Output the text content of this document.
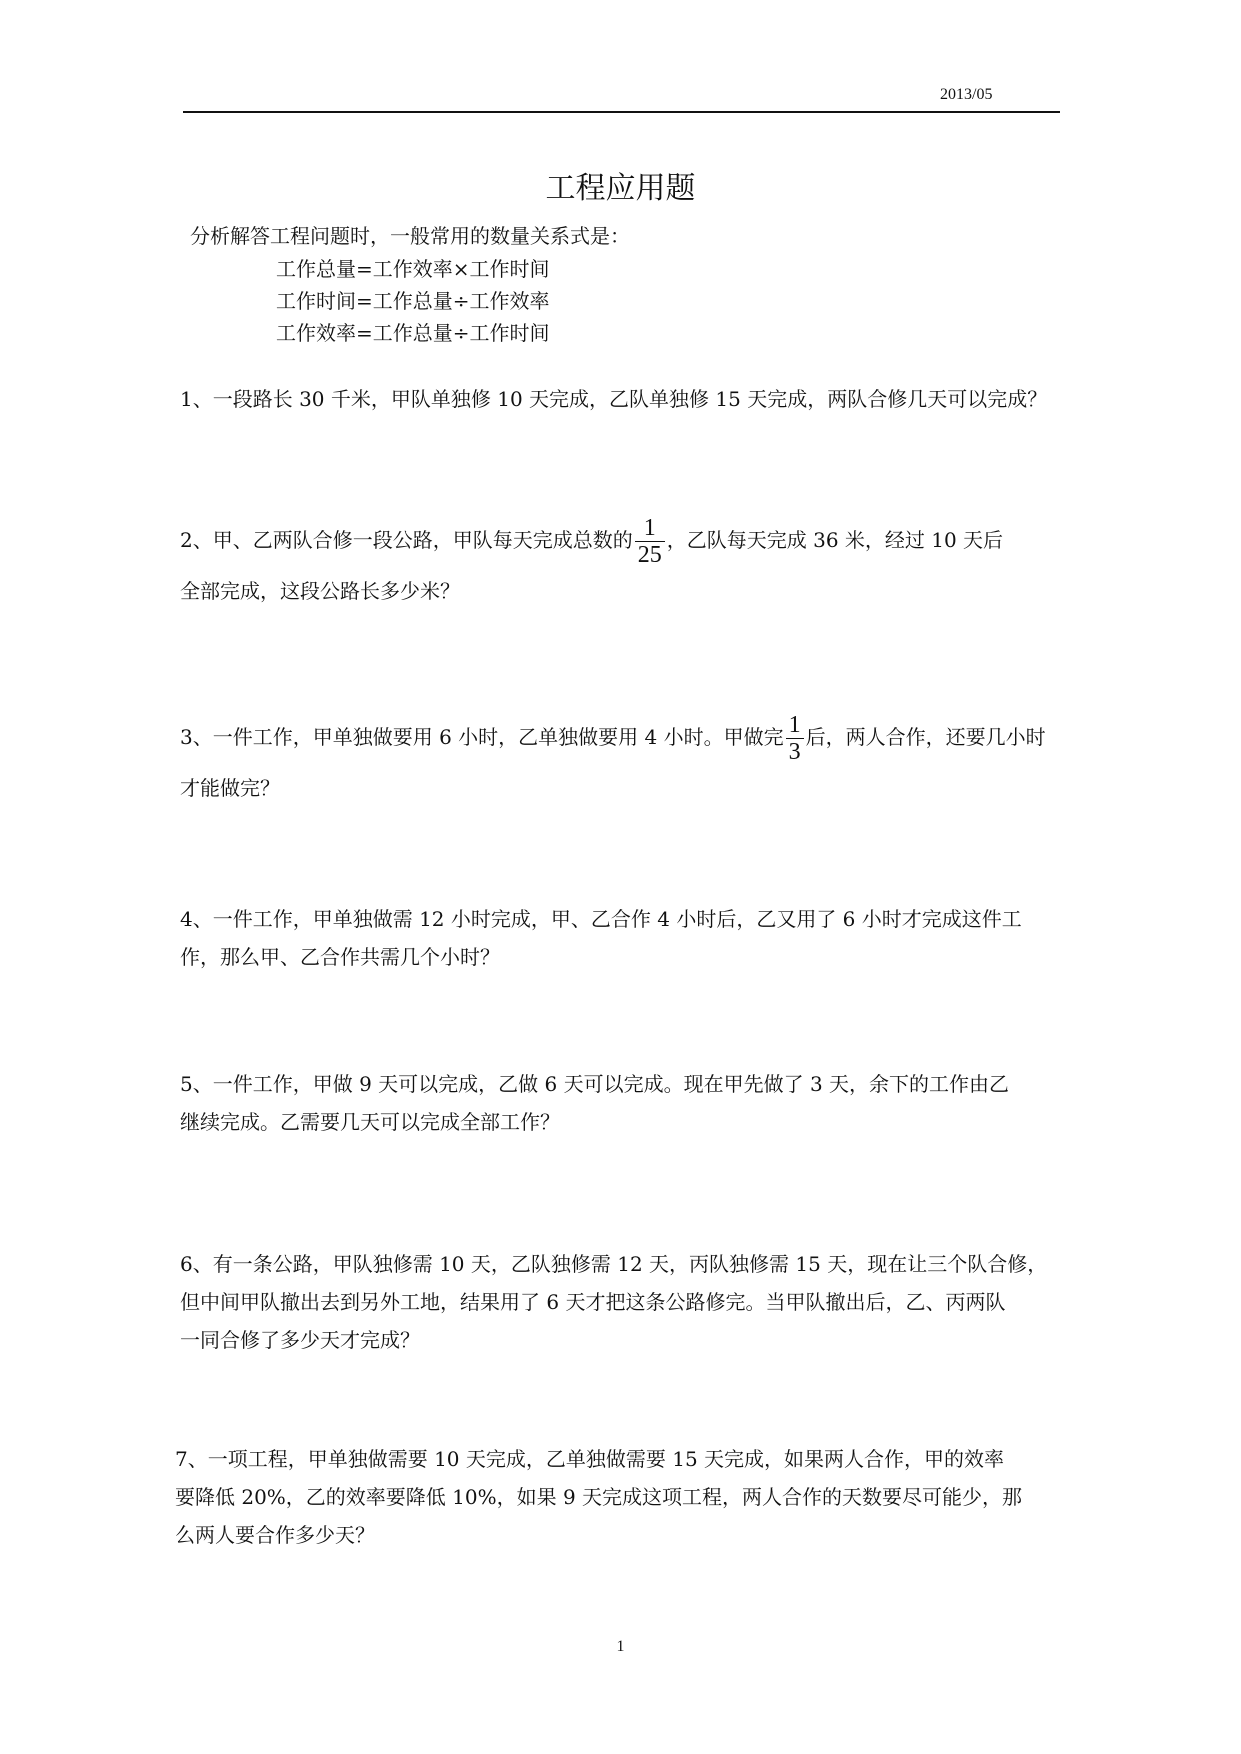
2013/05
工程应用题
分析解答工程问题时，一般常用的数量关系式是：
工作总量=工作效率×工作时间
工作时间=工作总量÷工作效率
工作效率=工作总量÷工作时间
1、一段路长 30 千米，甲队单独修 10 天完成，乙队单独修 15 天完成，两队合修几天可以完成？
2、甲、乙两队合修一段公路，甲队每天完成总数的 $\frac{1}{25}$ ，乙队每天完成 36 米，经过 10 天后
全部完成，这段公路长多少米？
3、一件工作，甲单独做要用 6 小时，乙单独做要用 4 小时。甲做完 $\frac{1}{3}$ 后，两人合作，还要几小时
才能做完？
4、一件工作，甲单独做需 12 小时完成，甲、乙合作 4 小时后，乙又用了 6 小时才完成这件工
作，那么甲、乙合作共需几个小时？
5、一件工作，甲做 9 天可以完成，乙做 6 天可以完成。现在甲先做了 3 天，余下的工作由乙
继续完成。乙需要几天可以完成全部工作？
6、有一条公路，甲队独修需 10 天，乙队独修需 12 天，丙队独修需 15 天，现在让三个队合修，
但中间甲队撤出去到另外工地，结果用了 6 天才把这条公路修完。当甲队撤出后，乙、丙两队
一同合修了多少天才完成？
7、一项工程，甲单独做需要 10 天完成，乙单独做需要 15 天完成，如果两人合作，甲的效率
要降低 20%，乙的效率要降低 10%，如果 9 天完成这项工程，两人合作的天数要尽可能少，那
么两人要合作多少天？
1
